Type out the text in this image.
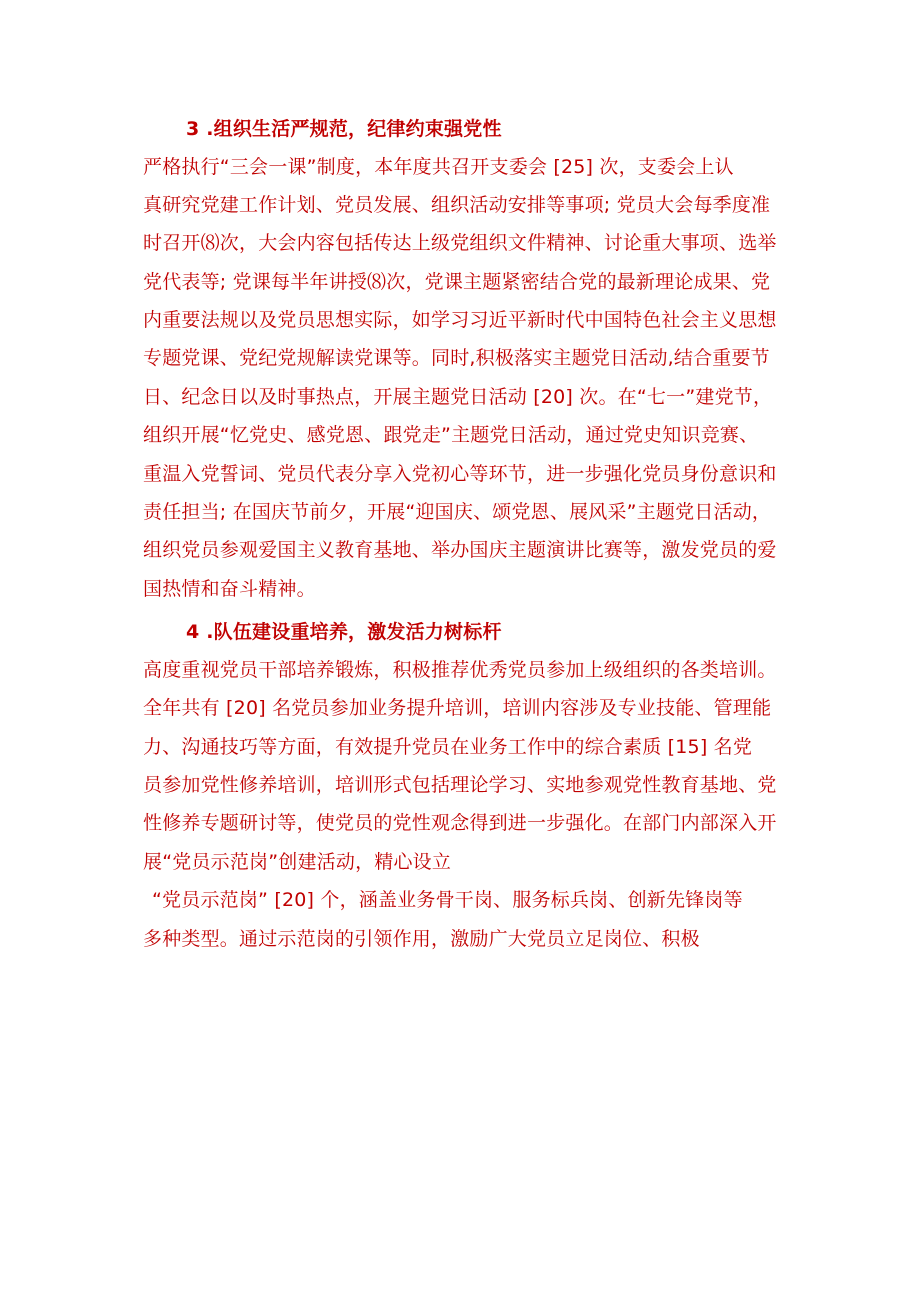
3 .组织生活严规范，纪律约束强党性
严格执行“三会一课”制度，本年度共召开支委会 [25] 次，支委会上认
真研究党建工作计划、党员发展、组织活动安排等事项; 党员大会每季度准
时召开⑻次，大会内容包括传达上级党组织文件精神、讨论重大事项、选举
党代表等; 党课每半年讲授⑻次，党课主题紧密结合党的最新理论成果、党
内重要法规以及党员思想实际，如学习习近平新时代中国特色社会主义思想
专题党课、党纪党规解读党课等。同时,积极落实主题党日活动,结合重要节
日、纪念日以及时事热点，开展主题党日活动 [20] 次。在“七一”建党节，
组织开展“忆党史、感党恩、跟党走”主题党日活动，通过党史知识竞赛、
重温入党誓词、党员代表分享入党初心等环节，进一步强化党员身份意识和
责任担当; 在国庆节前夕，开展“迎国庆、颂党恩、展风采”主题党日活动，
组织党员参观爱国主义教育基地、举办国庆主题演讲比赛等，激发党员的爱
国热情和奋斗精神。
4 .队伍建设重培养，激发活力树标杆
高度重视党员干部培养锻炼，积极推荐优秀党员参加上级组织的各类培训。
全年共有 [20] 名党员参加业务提升培训，培训内容涉及专业技能、管理能
力、沟通技巧等方面，有效提升党员在业务工作中的综合素质 [15] 名党
员参加党性修养培训，培训形式包括理论学习、实地参观党性教育基地、党
性修养专题研讨等，使党员的党性观念得到进一步强化。在部门内部深入开
展“党员示范岗”创建活动，精心设立
“党员示范岗” [20] 个，涵盖业务骨干岗、服务标兵岗、创新先锋岗等
多种类型。通过示范岗的引领作用，激励广大党员立足岗位、积极
